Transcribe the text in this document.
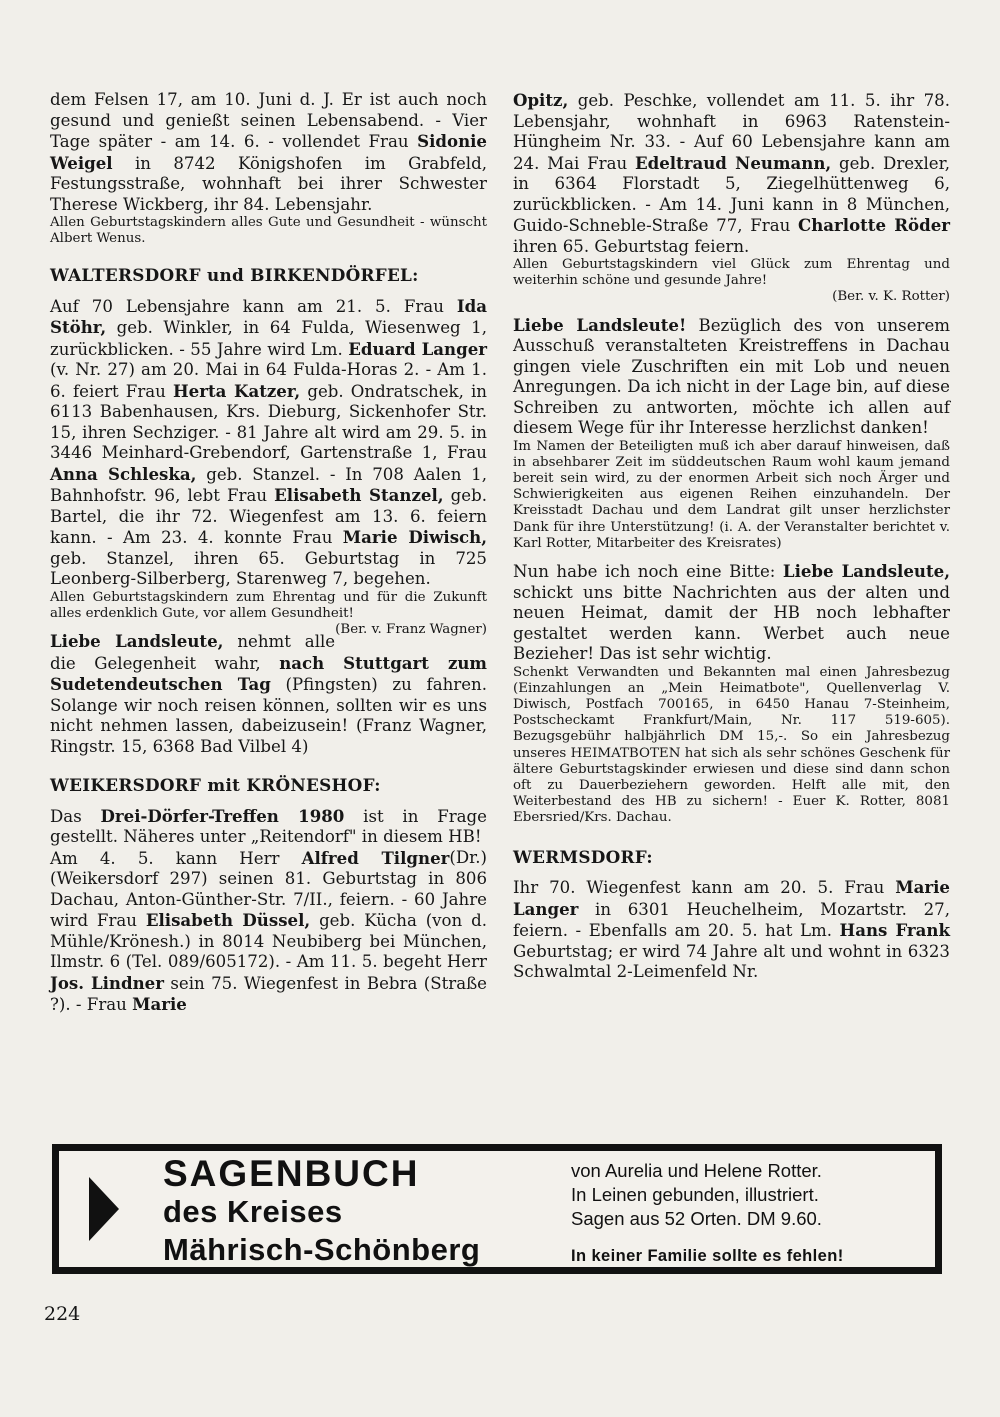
dem Felsen 17, am 10. Juni d. J. Er ist auch noch gesund und genießt seinen Lebensabend. - Vier Tage später - am 14. 6. - vollendet Frau Sidonie Weigel in 8742 Königshofen im Grabfeld, Festungsstraße, wohnhaft bei ihrer Schwester Therese Wickberg, ihr 84. Lebensjahr.

Allen Geburtstagskindern alles Gute und Gesundheit - wünscht Albert Wenus.

WALTERSDORF und BIRKENDÖRFEL:

Auf 70 Lebensjahre kann am 21. 5. Frau Ida Stöhr, geb. Winkler, in 64 Fulda, Wiesenweg 1, zurückblicken. - 55 Jahre wird Lm. Eduard Langer (v. Nr. 27) am 20. Mai in 64 Fulda-Horas 2. - Am 1. 6. feiert Frau Herta Katzer, geb. Ondratschek, in 6113 Babenhausen, Krs. Dieburg, Sickenhofer Str. 15, ihren Sechziger. - 81 Jahre alt wird am 29. 5. in 3446 Meinhard-Grebendorf, Gartenstraße 1, Frau Anna Schleska, geb. Stanzel. - In 708 Aalen 1, Bahnhofstr. 96, lebt Frau Elisabeth Stanzel, geb. Bartel, die ihr 72. Wiegenfest am 13. 6. feiern kann. - Am 23. 4. konnte Frau Marie Diwisch, geb. Stanzel, ihren 65. Geburtstag in 725 Leonberg-Silberberg, Starenweg 7, begehen.

Allen Geburtstagskindern zum Ehrentag und für die Zukunft alles erdenklich Gute, vor allem Gesundheit!
(Ber. v. Franz Wagner)

Liebe Landsleute, nehmt alle die Gelegenheit wahr, nach Stuttgart zum Sudetendeutschen Tag (Pfingsten) zu fahren. Solange wir noch reisen können, sollten wir es uns nicht nehmen lassen, dabeizusein! (Franz Wagner, Ringstr. 15, 6368 Bad Vilbel 4)

WEIKERSDORF mit KRÖNESHOF:

Das Drei-Dörfer-Treffen 1980 ist in Frage gestellt. Näheres unter „Reitendorf" in diesem HB!
(Dr.)

Am 4. 5. kann Herr Alfred Tilgner (Weikersdorf 297) seinen 81. Geburtstag in 806 Dachau, Anton-Günther-Str. 7/II., feiern. - 60 Jahre wird Frau Elisabeth Düssel, geb. Kücha (von d. Mühle/Krönesh.) in 8014 Neubiberg bei München, Ilmstr. 6 (Tel. 089/605172). - Am 11. 5. begeht Herr Jos. Lindner sein 75. Wiegenfest in Bebra (Straße ?). - Frau Marie

Opitz, geb. Peschke, vollendet am 11. 5. ihr 78. Lebensjahr, wohnhaft in 6963 Ratenstein-Hüngheim Nr. 33. - Auf 60 Lebensjahre kann am 24. Mai Frau Edeltraud Neumann, geb. Drexler, in 6364 Florstadt 5, Ziegelhüttenweg 6, zurückblicken. - Am 14. Juni kann in 8 München, Guido-Schneble-Straße 77, Frau Charlotte Röder ihren 65. Geburtstag feiern.

Allen Geburtstagskindern viel Glück zum Ehrentag und weiterhin schöne und gesunde Jahre!

(Ber. v. K. Rotter)

Liebe Landsleute! Bezüglich des von unserem Ausschuß veranstalteten Kreistreffens in Dachau gingen viele Zuschriften ein mit Lob und neuen Anregungen. Da ich nicht in der Lage bin, auf diese Schreiben zu antworten, möchte ich allen auf diesem Wege für ihr Interesse herzlichst danken!

Im Namen der Beteiligten muß ich aber darauf hinweisen, daß in absehbarer Zeit im süddeutschen Raum wohl kaum jemand bereit sein wird, zu der enormen Arbeit sich noch Ärger und Schwierigkeiten aus eigenen Reihen einzuhandeln. Der Kreisstadt Dachau und dem Landrat gilt unser herzlichster Dank für ihre Unterstützung! (i. A. der Veranstalter berichtet v. Karl Rotter, Mitarbeiter des Kreisrates)

Nun habe ich noch eine Bitte: Liebe Landsleute, schickt uns bitte Nachrichten aus der alten und neuen Heimat, damit der HB noch lebhafter gestaltet werden kann. Werbet auch neue Bezieher! Das ist sehr wichtig.

Schenkt Verwandten und Bekannten mal einen Jahresbezug (Einzahlungen an „Mein Heimatbote", Quellenverlag V. Diwisch, Postfach 700165, in 6450 Hanau 7-Steinheim, Postscheckamt Frankfurt/Main, Nr. 117 519-605). Bezugsgebühr halbjährlich DM 15,-. So ein Jahresbezug unseres HEIMATBOTEN hat sich als sehr schönes Geschenk für ältere Geburtstagskinder erwiesen und diese sind dann schon oft zu Dauerbeziehern geworden. Helft alle mit, den Weiterbestand des HB zu sichern! - Euer K. Rotter, 8081 Ebersried/Krs. Dachau.

WERMSDORF:

Ihr 70. Wiegenfest kann am 20. 5. Frau Marie Langer in 6301 Heuchelheim, Mozartstr. 27, feiern. - Ebenfalls am 20. 5. hat Lm. Hans Frank Geburtstag; er wird 74 Jahre alt und wohnt in 6323 Schwalmtal 2-Leimenfeld Nr.

SAGENBUCH
des Kreises
Mährisch-Schönberg
von Aurelia und Helene Rotter.
In Leinen gebunden, illustriert.
Sagen aus 52 Orten. DM 9.60.
In keiner Familie sollte es fehlen!
224
